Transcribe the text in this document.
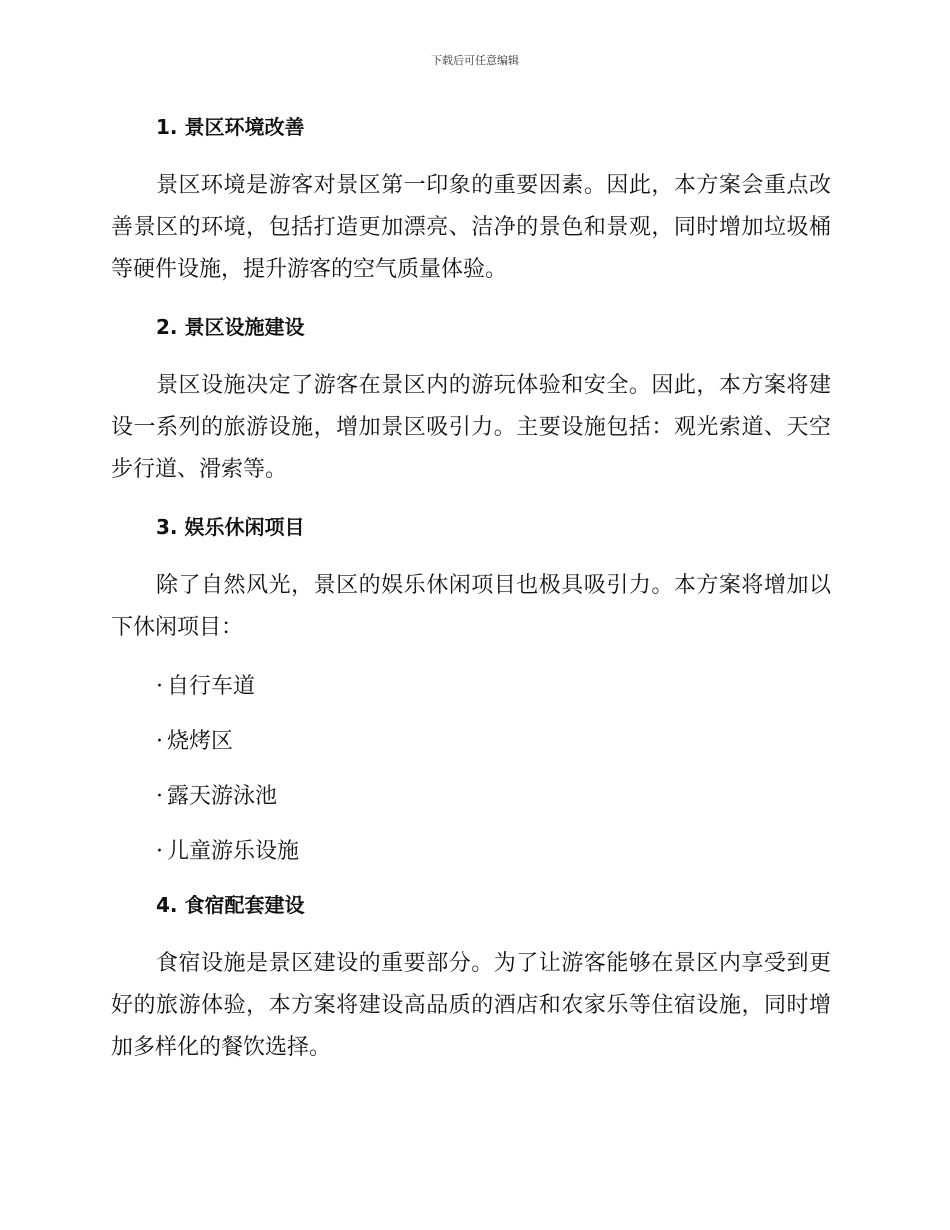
下载后可任意编辑
1. 景区环境改善

景区环境是游客对景区第一印象的重要因素。因此，本方案会重点改善景区的环境，包括打造更加漂亮、洁净的景色和景观，同时增加垃圾桶等硬件设施，提升游客的空气质量体验。

2. 景区设施建设

景区设施决定了游客在景区内的游玩体验和安全。因此，本方案将建设一系列的旅游设施，增加景区吸引力。主要设施包括：观光索道、天空步行道、滑索等。

3. 娱乐休闲项目

除了自然风光，景区的娱乐休闲项目也极具吸引力。本方案将增加以下休闲项目：

· 自行车道
· 烧烤区
· 露天游泳池
· 儿童游乐设施
4. 食宿配套建设

食宿设施是景区建设的重要部分。为了让游客能够在景区内享受到更好的旅游体验，本方案将建设高品质的酒店和农家乐等住宿设施，同时增加多样化的餐饮选择。
